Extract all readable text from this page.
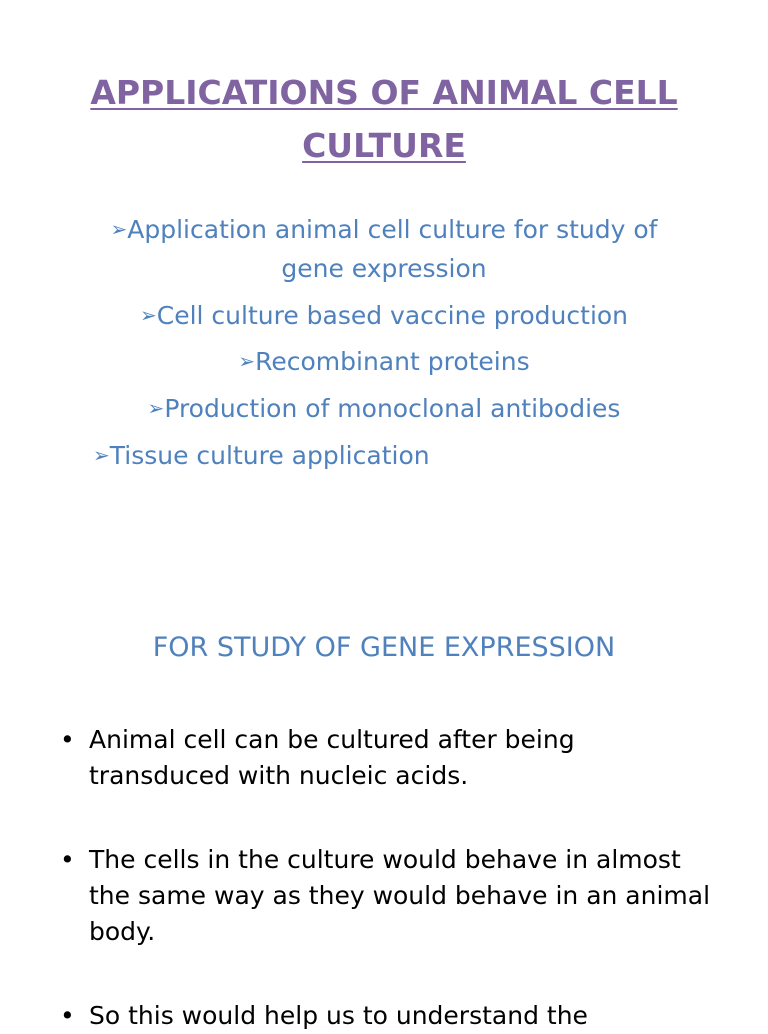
APPLICATIONS OF ANIMAL CELL
CULTURE
➢Application animal cell culture for study of
gene expression
➢Cell culture based vaccine production
➢Recombinant proteins
➢Production of monoclonal antibodies
➢Tissue culture application
FOR STUDY OF GENE EXPRESSION
• Animal cell can be cultured after being transduced with nucleic acids.
• The cells in the culture would behave in almost the same way as they would behave in an animal body.
• So this would help us to understand the
